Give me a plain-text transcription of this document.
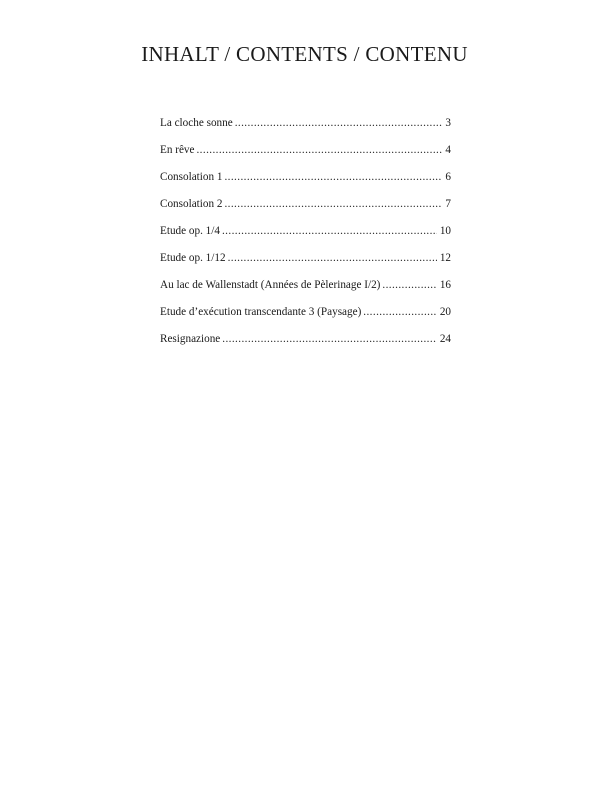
INHALT / CONTENTS / CONTENU
La cloche sonne . . .	3
En rêve . . .	4
Consolation 1 . . .	6
Consolation 2 . . .	7
Etude op. 1/4 . . .	10
Etude op. 1/12 . . .	12
Au lac de Wallenstadt (Années de Pèlerinage I/2) . . .	16
Etude d’exécution transcendante 3 (Paysage) . . .	20
Resignazione . . .	24
